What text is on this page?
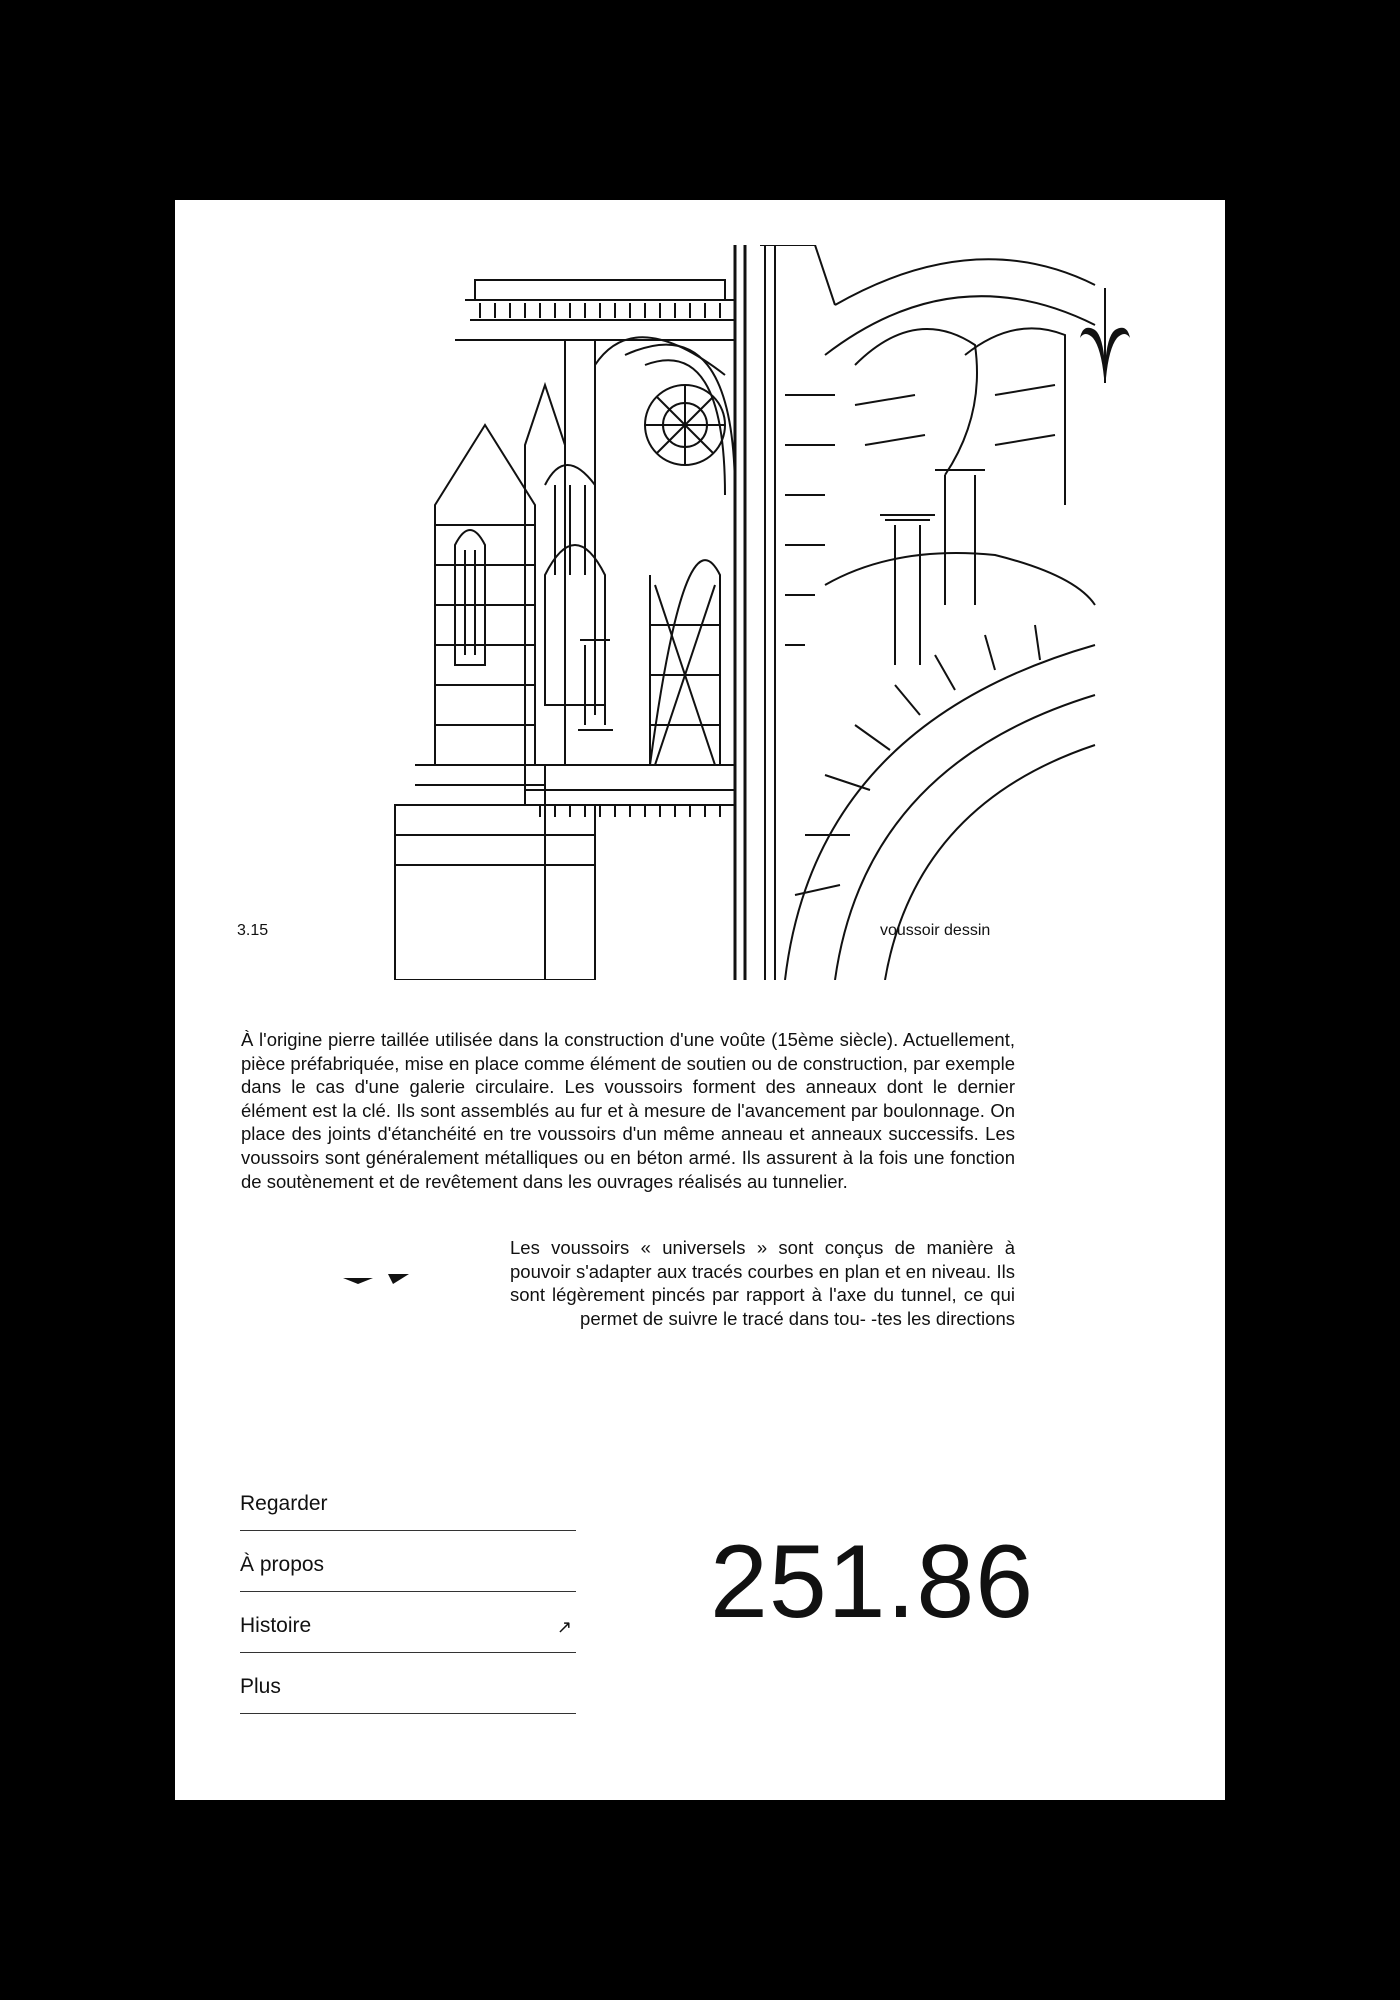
3.15	voussoir dessin

À l'origine pierre taillée utilisée dans la construction d'une voûte (15ème siècle). Actuellement, pièce préfabriquée, mise en place comme élément de soutien ou de construction, par exemple dans le cas d'une galerie circulaire. Les voussoirs forment des anneaux dont le dernier élément est la clé. Ils sont assemblés au fur et à mesure de l'avancement par boulonnage. On place des joints d'étanchéité en tre voussoirs d'un même anneau et anneaux successifs. Les voussoirs sont généralement métalliques ou en béton armé. Ils assurent à la fois une fonction de soutènement et de revêtement dans les ouvrages réalisés au tunnelier.

Les voussoirs « universels » sont conçus de manière à pouvoir s'adapter aux tracés courbes en plan et en niveau. Ils sont légèrement pincés par rapport à l'axe du tunnel, ce qui permet de suivre le tracé dans tou- -tes les directions

Regarder
À propos
Histoire	↗
Plus
251.86
